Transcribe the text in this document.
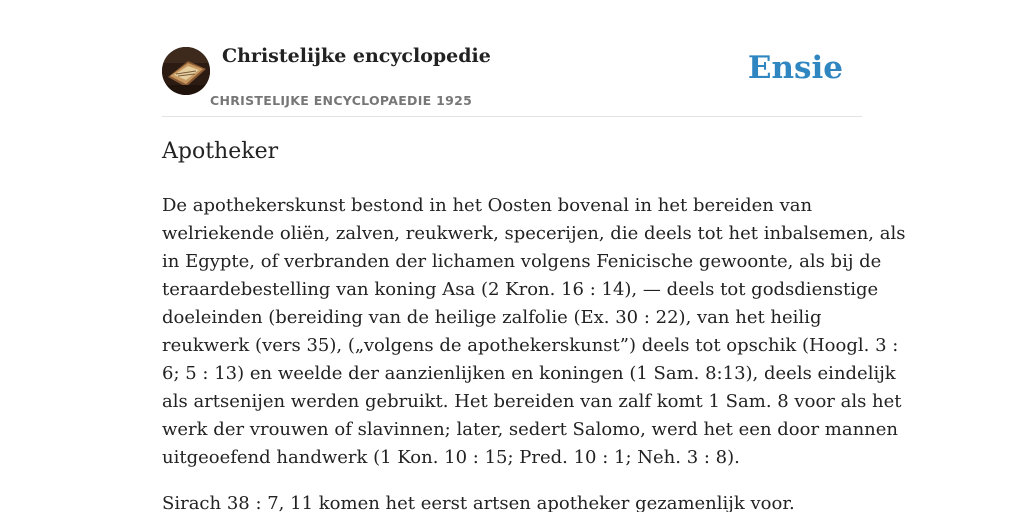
Christelijke encyclopedie
CHRISTELIJKE ENCYCLOPAEDIE 1925
Ensie
Apotheker

De apothekerskunst bestond in het Oosten bovenal in het bereiden van
welriekende oliën, zalven, reukwerk, specerijen, die deels tot het inbalsemen, als
in Egypte, of verbranden der lichamen volgens Fenicische gewoonte, als bij de
teraardebestelling van koning Asa (2 Kron. 16 : 14), — deels tot godsdienstige
doeleinden (bereiding van de heilige zalfolie (Ex. 30 : 22), van het heilig
reukwerk (vers 35), („volgens de apothekerskunst”) deels tot opschik (Hoogl. 3 :
6; 5 : 13) en weelde der aanzienlijken en koningen (1 Sam. 8:13), deels eindelijk
als artsenijen werden gebruikt. Het bereiden van zalf komt 1 Sam. 8 voor als het
werk der vrouwen of slavinnen; later, sedert Salomo, werd het een door mannen
uitgeoefend handwerk (1 Kon. 10 : 15; Pred. 10 : 1; Neh. 3 : 8).

Sirach 38 : 7, 11 komen het eerst artsen apotheker gezamenlijk voor.
